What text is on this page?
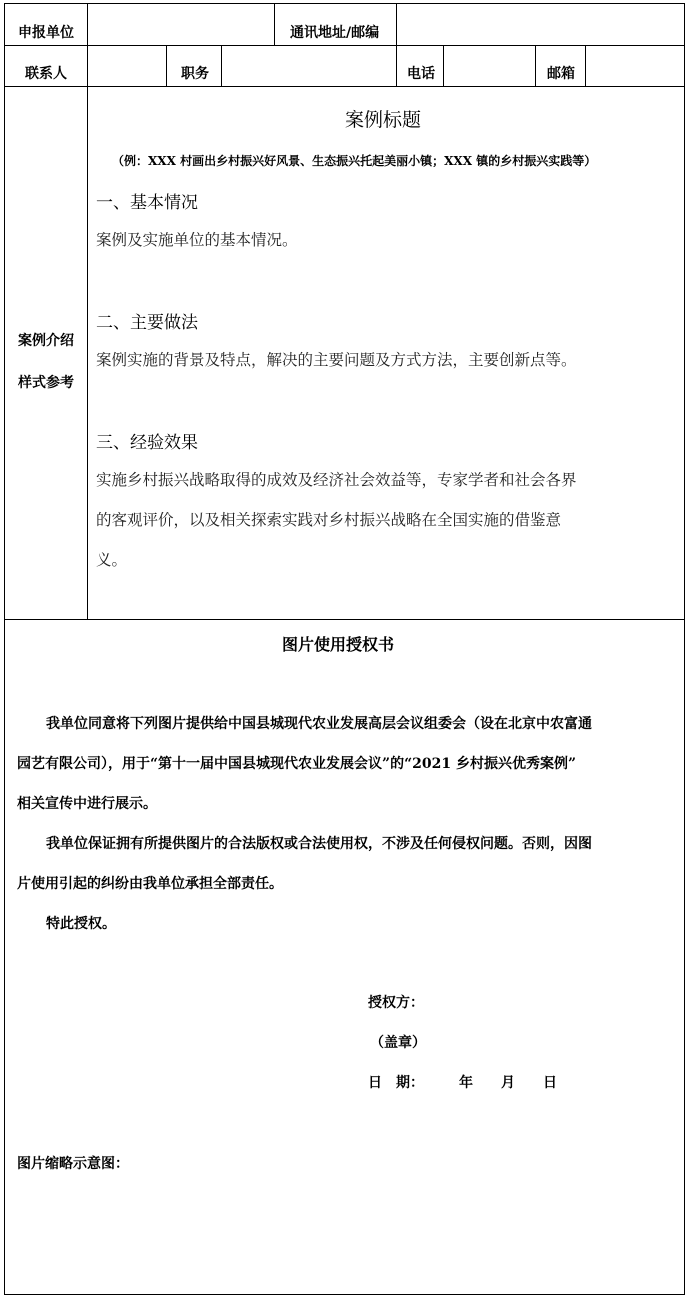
申报单位	通讯地址/邮编
联系人	职务	电话	邮箱
案例介绍
样式参考
案例标题
（例：XXX 村画出乡村振兴好风景、生态振兴托起美丽小镇；XXX 镇的乡村振兴实践等）
一、基本情况
案例及实施单位的基本情况。
二、主要做法
案例实施的背景及特点，解决的主要问题及方式方法，主要创新点等。
三、经验效果
实施乡村振兴战略取得的成效及经济社会效益等，专家学者和社会各界
的客观评价，以及相关探索实践对乡村振兴战略在全国实施的借鉴意
义。
图片使用授权书
我单位同意将下列图片提供给中国县城现代农业发展高层会议组委会（设在北京中农富通
园艺有限公司），用于“第十一届中国县城现代农业发展会议”的“2021 乡村振兴优秀案例”
相关宣传中进行展示。
我单位保证拥有所提供图片的合法版权或合法使用权，不涉及任何侵权问题。否则，因图
片使用引起的纠纷由我单位承担全部责任。
特此授权。
授权方：
（盖章）
日　期：　　　年　　月　　日
图片缩略示意图：
